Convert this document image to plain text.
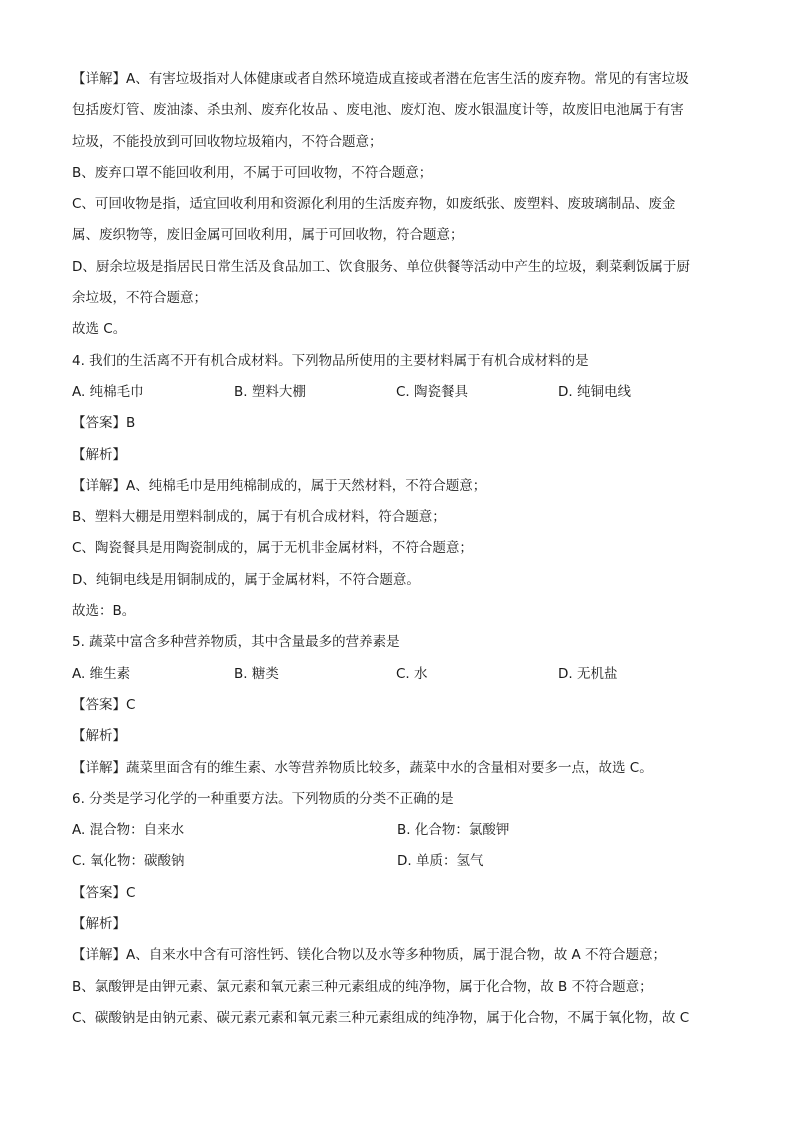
【详解】A、有害垃圾指对人体健康或者自然环境造成直接或者潜在危害生活的废弃物。常见的有害垃圾
包括废灯管、废油漆、杀虫剂、废弃化妆品 、废电池、废灯泡、废水银温度计等，故废旧电池属于有害
垃圾，不能投放到可回收物垃圾箱内，不符合题意；
B、废弃口罩不能回收利用，不属于可回收物，不符合题意；
C、可回收物是指，适宜回收利用和资源化利用的生活废弃物，如废纸张、废塑料、废玻璃制品、废金
属、废织物等，废旧金属可回收利用，属于可回收物，符合题意；
D、厨余垃圾是指居民日常生活及食品加工、饮食服务、单位供餐等活动中产生的垃圾，剩菜剩饭属于厨
余垃圾，不符合题意；
故选 C。
4. 我们的生活离不开有机合成材料。下列物品所使用的主要材料属于有机合成材料的是
A. 纯棉毛巾	B. 塑料大棚	C. 陶瓷餐具	D. 纯铜电线
【答案】B
【解析】
【详解】A、纯棉毛巾是用纯棉制成的，属于天然材料，不符合题意；
B、塑料大棚是用塑料制成的，属于有机合成材料，符合题意；
C、陶瓷餐具是用陶瓷制成的，属于无机非金属材料，不符合题意；
D、纯铜电线是用铜制成的，属于金属材料，不符合题意。
故选：B。
5. 蔬菜中富含多种营养物质，其中含量最多的营养素是
A. 维生素	B. 糖类	C. 水	D. 无机盐
【答案】C
【解析】
【详解】蔬菜里面含有的维生素、水等营养物质比较多，蔬菜中水的含量相对要多一点，故选 C。
6. 分类是学习化学的一种重要方法。下列物质的分类不正确的是
A. 混合物：自来水	B. 化合物：氯酸钾
C. 氧化物：碳酸钠	D. 单质：氢气
【答案】C
【解析】
【详解】A、自来水中含有可溶性钙、镁化合物以及水等多种物质，属于混合物，故 A 不符合题意；
B、氯酸钾是由钾元素、氯元素和氧元素三种元素组成的纯净物，属于化合物，故 B 不符合题意；
C、碳酸钠是由钠元素、碳元素元素和氧元素三种元素组成的纯净物，属于化合物，不属于氧化物，故 C
